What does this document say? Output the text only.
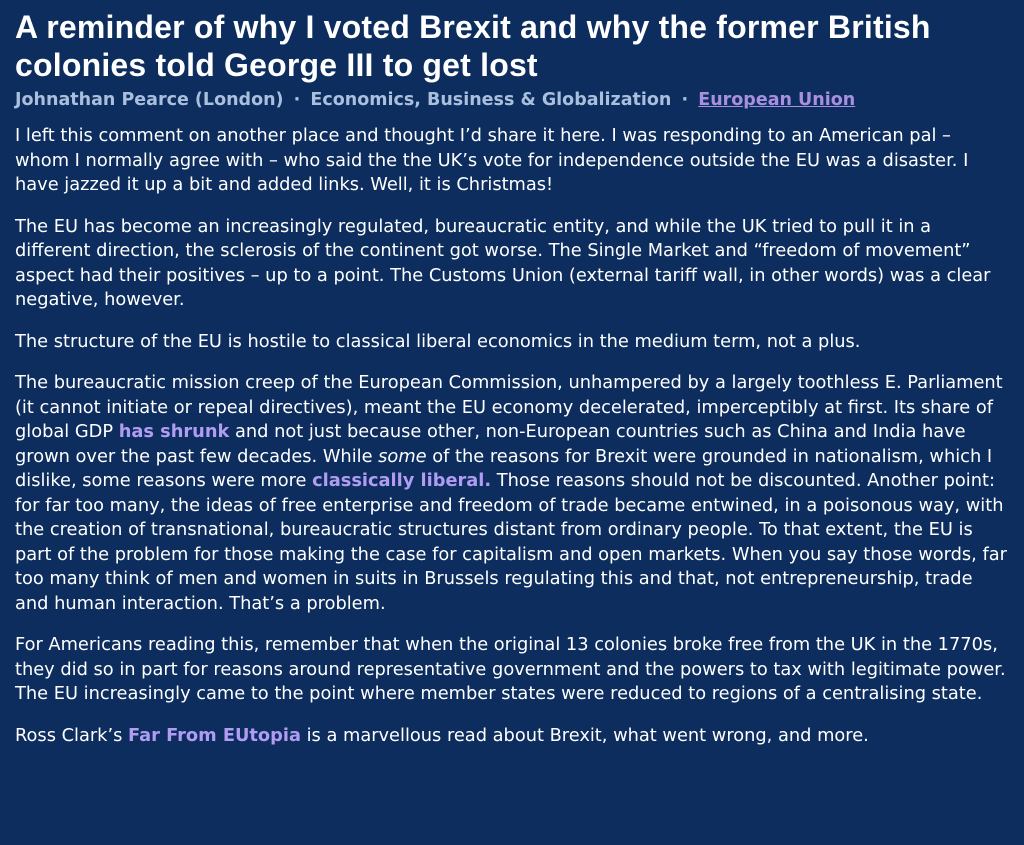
A reminder of why I voted Brexit and why the former British colonies told George III to get lost
Johnathan Pearce (London) · Economics, Business & Globalization · European Union

I left this comment on another place and thought I’d share it here. I was responding to an American pal – whom I normally agree with – who said the the UK’s vote for independence outside the EU was a disaster. I have jazzed it up a bit and added links. Well, it is Christmas!

The EU has become an increasingly regulated, bureaucratic entity, and while the UK tried to pull it in a different direction, the sclerosis of the continent got worse. The Single Market and “freedom of movement” aspect had their positives – up to a point. The Customs Union (external tariff wall, in other words) was a clear negative, however.

The structure of the EU is hostile to classical liberal economics in the medium term, not a plus.

The bureaucratic mission creep of the European Commission, unhampered by a largely toothless E. Parliament (it cannot initiate or repeal directives), meant the EU economy decelerated, imperceptibly at first. Its share of global GDP has shrunk and not just because other, non-European countries such as China and India have grown over the past few decades. While some of the reasons for Brexit were grounded in nationalism, which I dislike, some reasons were more classically liberal. Those reasons should not be discounted. Another point: for far too many, the ideas of free enterprise and freedom of trade became entwined, in a poisonous way, with the creation of transnational, bureaucratic structures distant from ordinary people. To that extent, the EU is part of the problem for those making the case for capitalism and open markets. When you say those words, far too many think of men and women in suits in Brussels regulating this and that, not entrepreneurship, trade and human interaction. That’s a problem.

For Americans reading this, remember that when the original 13 colonies broke free from the UK in the 1770s, they did so in part for reasons around representative government and the powers to tax with legitimate power. The EU increasingly came to the point where member states were reduced to regions of a centralising state.

Ross Clark’s Far From EUtopia is a marvellous read about Brexit, what went wrong, and more.
